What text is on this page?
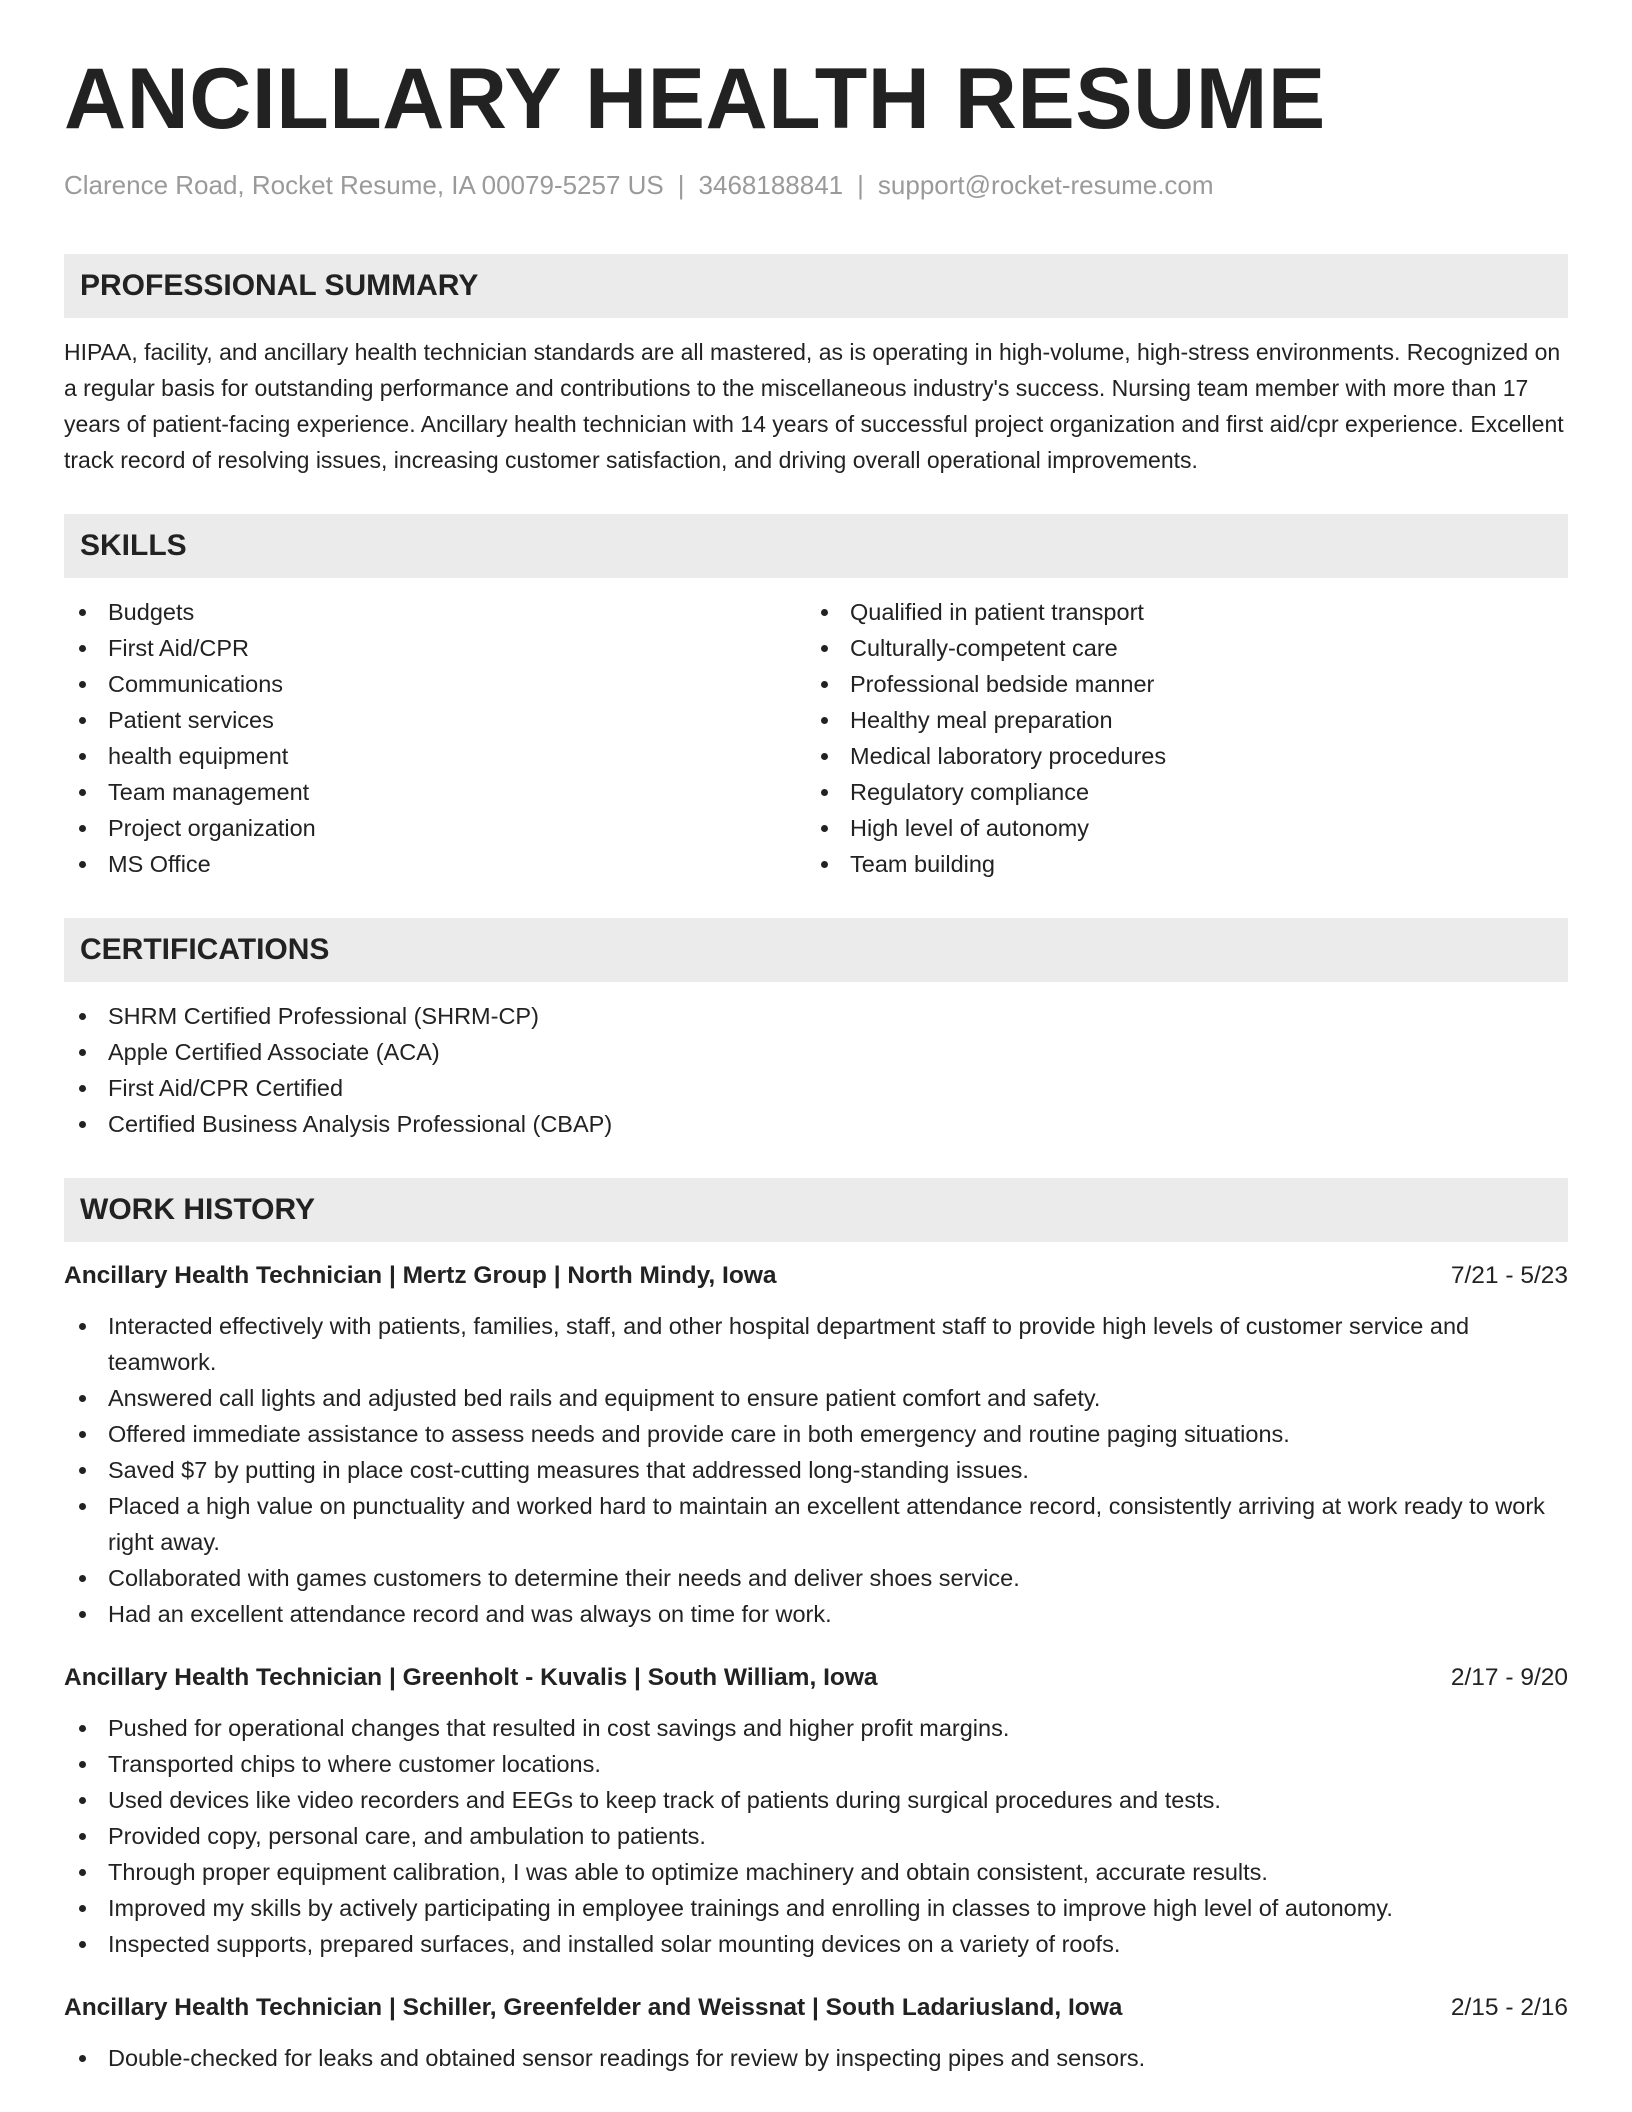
ANCILLARY HEALTH RESUME
Clarence Road, Rocket Resume, IA 00079-5257 US | 3468188841 | support@rocket-resume.com
PROFESSIONAL SUMMARY

HIPAA, facility, and ancillary health technician standards are all mastered, as is operating in high-volume, high-stress environments. Recognized on a regular basis for outstanding performance and contributions to the miscellaneous industry's success. Nursing team member with more than 17 years of patient-facing experience. Ancillary health technician with 14 years of successful project organization and first aid/cpr experience. Excellent track record of resolving issues, increasing customer satisfaction, and driving overall operational improvements.

SKILLS
Budgets
First Aid/CPR
Communications
Patient services
health equipment
Team management
Project organization
MS Office
Qualified in patient transport
Culturally-competent care
Professional bedside manner
Healthy meal preparation
Medical laboratory procedures
Regulatory compliance
High level of autonomy
Team building
CERTIFICATIONS
SHRM Certified Professional (SHRM-CP)
Apple Certified Associate (ACA)
First Aid/CPR Certified
Certified Business Analysis Professional (CBAP)
WORK HISTORY
Ancillary Health Technician | Mertz Group | North Mindy, Iowa	7/21 - 5/23
Interacted effectively with patients, families, staff, and other hospital department staff to provide high levels of customer service and teamwork.
Answered call lights and adjusted bed rails and equipment to ensure patient comfort and safety.
Offered immediate assistance to assess needs and provide care in both emergency and routine paging situations.
Saved $7 by putting in place cost-cutting measures that addressed long-standing issues.
Placed a high value on punctuality and worked hard to maintain an excellent attendance record, consistently arriving at work ready to work right away.
Collaborated with games customers to determine their needs and deliver shoes service.
Had an excellent attendance record and was always on time for work.
Ancillary Health Technician | Greenholt - Kuvalis | South William, Iowa	2/17 - 9/20
Pushed for operational changes that resulted in cost savings and higher profit margins.
Transported chips to where customer locations.
Used devices like video recorders and EEGs to keep track of patients during surgical procedures and tests.
Provided copy, personal care, and ambulation to patients.
Through proper equipment calibration, I was able to optimize machinery and obtain consistent, accurate results.
Improved my skills by actively participating in employee trainings and enrolling in classes to improve high level of autonomy.
Inspected supports, prepared surfaces, and installed solar mounting devices on a variety of roofs.
Ancillary Health Technician | Schiller, Greenfelder and Weissnat | South Ladariusland, Iowa	2/15 - 2/16
Double-checked for leaks and obtained sensor readings for review by inspecting pipes and sensors.
